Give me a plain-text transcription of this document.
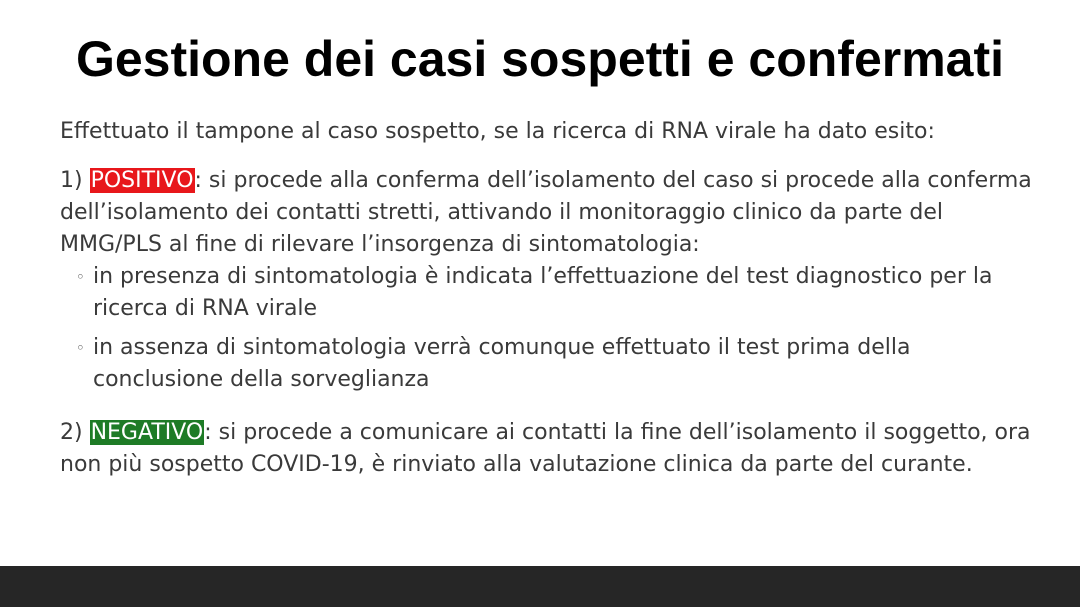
Gestione dei casi sospetti e confermati

Effettuato il tampone al caso sospetto, se la ricerca di RNA virale ha dato esito:

1) POSITIVO: si procede alla conferma dell’isolamento del caso si procede alla conferma dell’isolamento dei contatti stretti, attivando il monitoraggio clinico da parte del MMG/PLS al fine di rilevare l’insorgenza di sintomatologia:

◦ in presenza di sintomatologia è indicata l’effettuazione del test diagnostico per la ricerca di RNA virale

◦ in assenza di sintomatologia verrà comunque effettuato il test prima della conclusione della sorveglianza

2) NEGATIVO: si procede a comunicare ai contatti la fine dell’isolamento il soggetto, ora non più sospetto COVID-19, è rinviato alla valutazione clinica da parte del curante.
